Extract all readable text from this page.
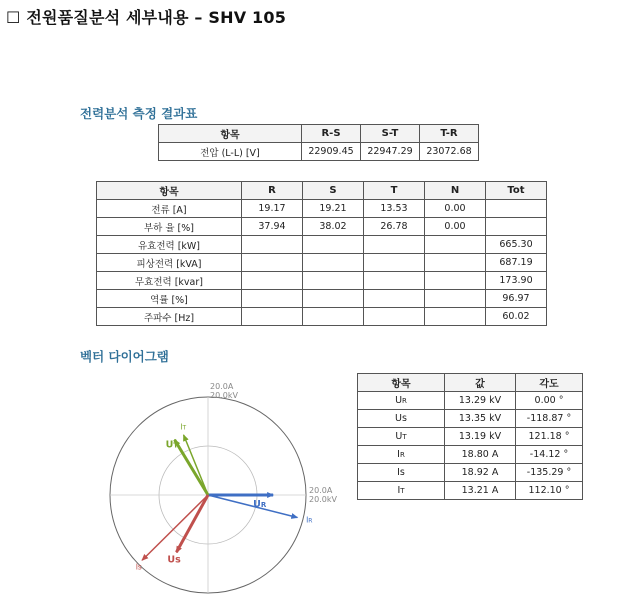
☐ 전원품질분석 세부내용 – SHV 105
전력분석 측정 결과표
항목	R-S	S-T	T-R
전압 (L-L) [V]	22909.45	22947.29	23072.68
항목	R	S	T	N	Tot
전류 [A]	19.17	19.21	13.53	0.00	
부하 율 [%]	37.94	38.02	26.78	0.00	
유효전력 [kW]					665.30
피상전력 [kVA]					687.19
무효전력 [kvar]					173.90
역률 [%]					96.97
주파수 [Hz]					60.02
벡터 다이어그램
20.0A
20.0kV
20.0A
20.0kV
UR
IR
UT
IT
Us
Is
항목	값	각도
UR	13.29 kV	0.00 °
Us	13.35 kV	-118.87 °
UT	13.19 kV	121.18 °
IR	18.80 A	-14.12 °
Is	18.92 A	-135.29 °
IT	13.21 A	112.10 °
